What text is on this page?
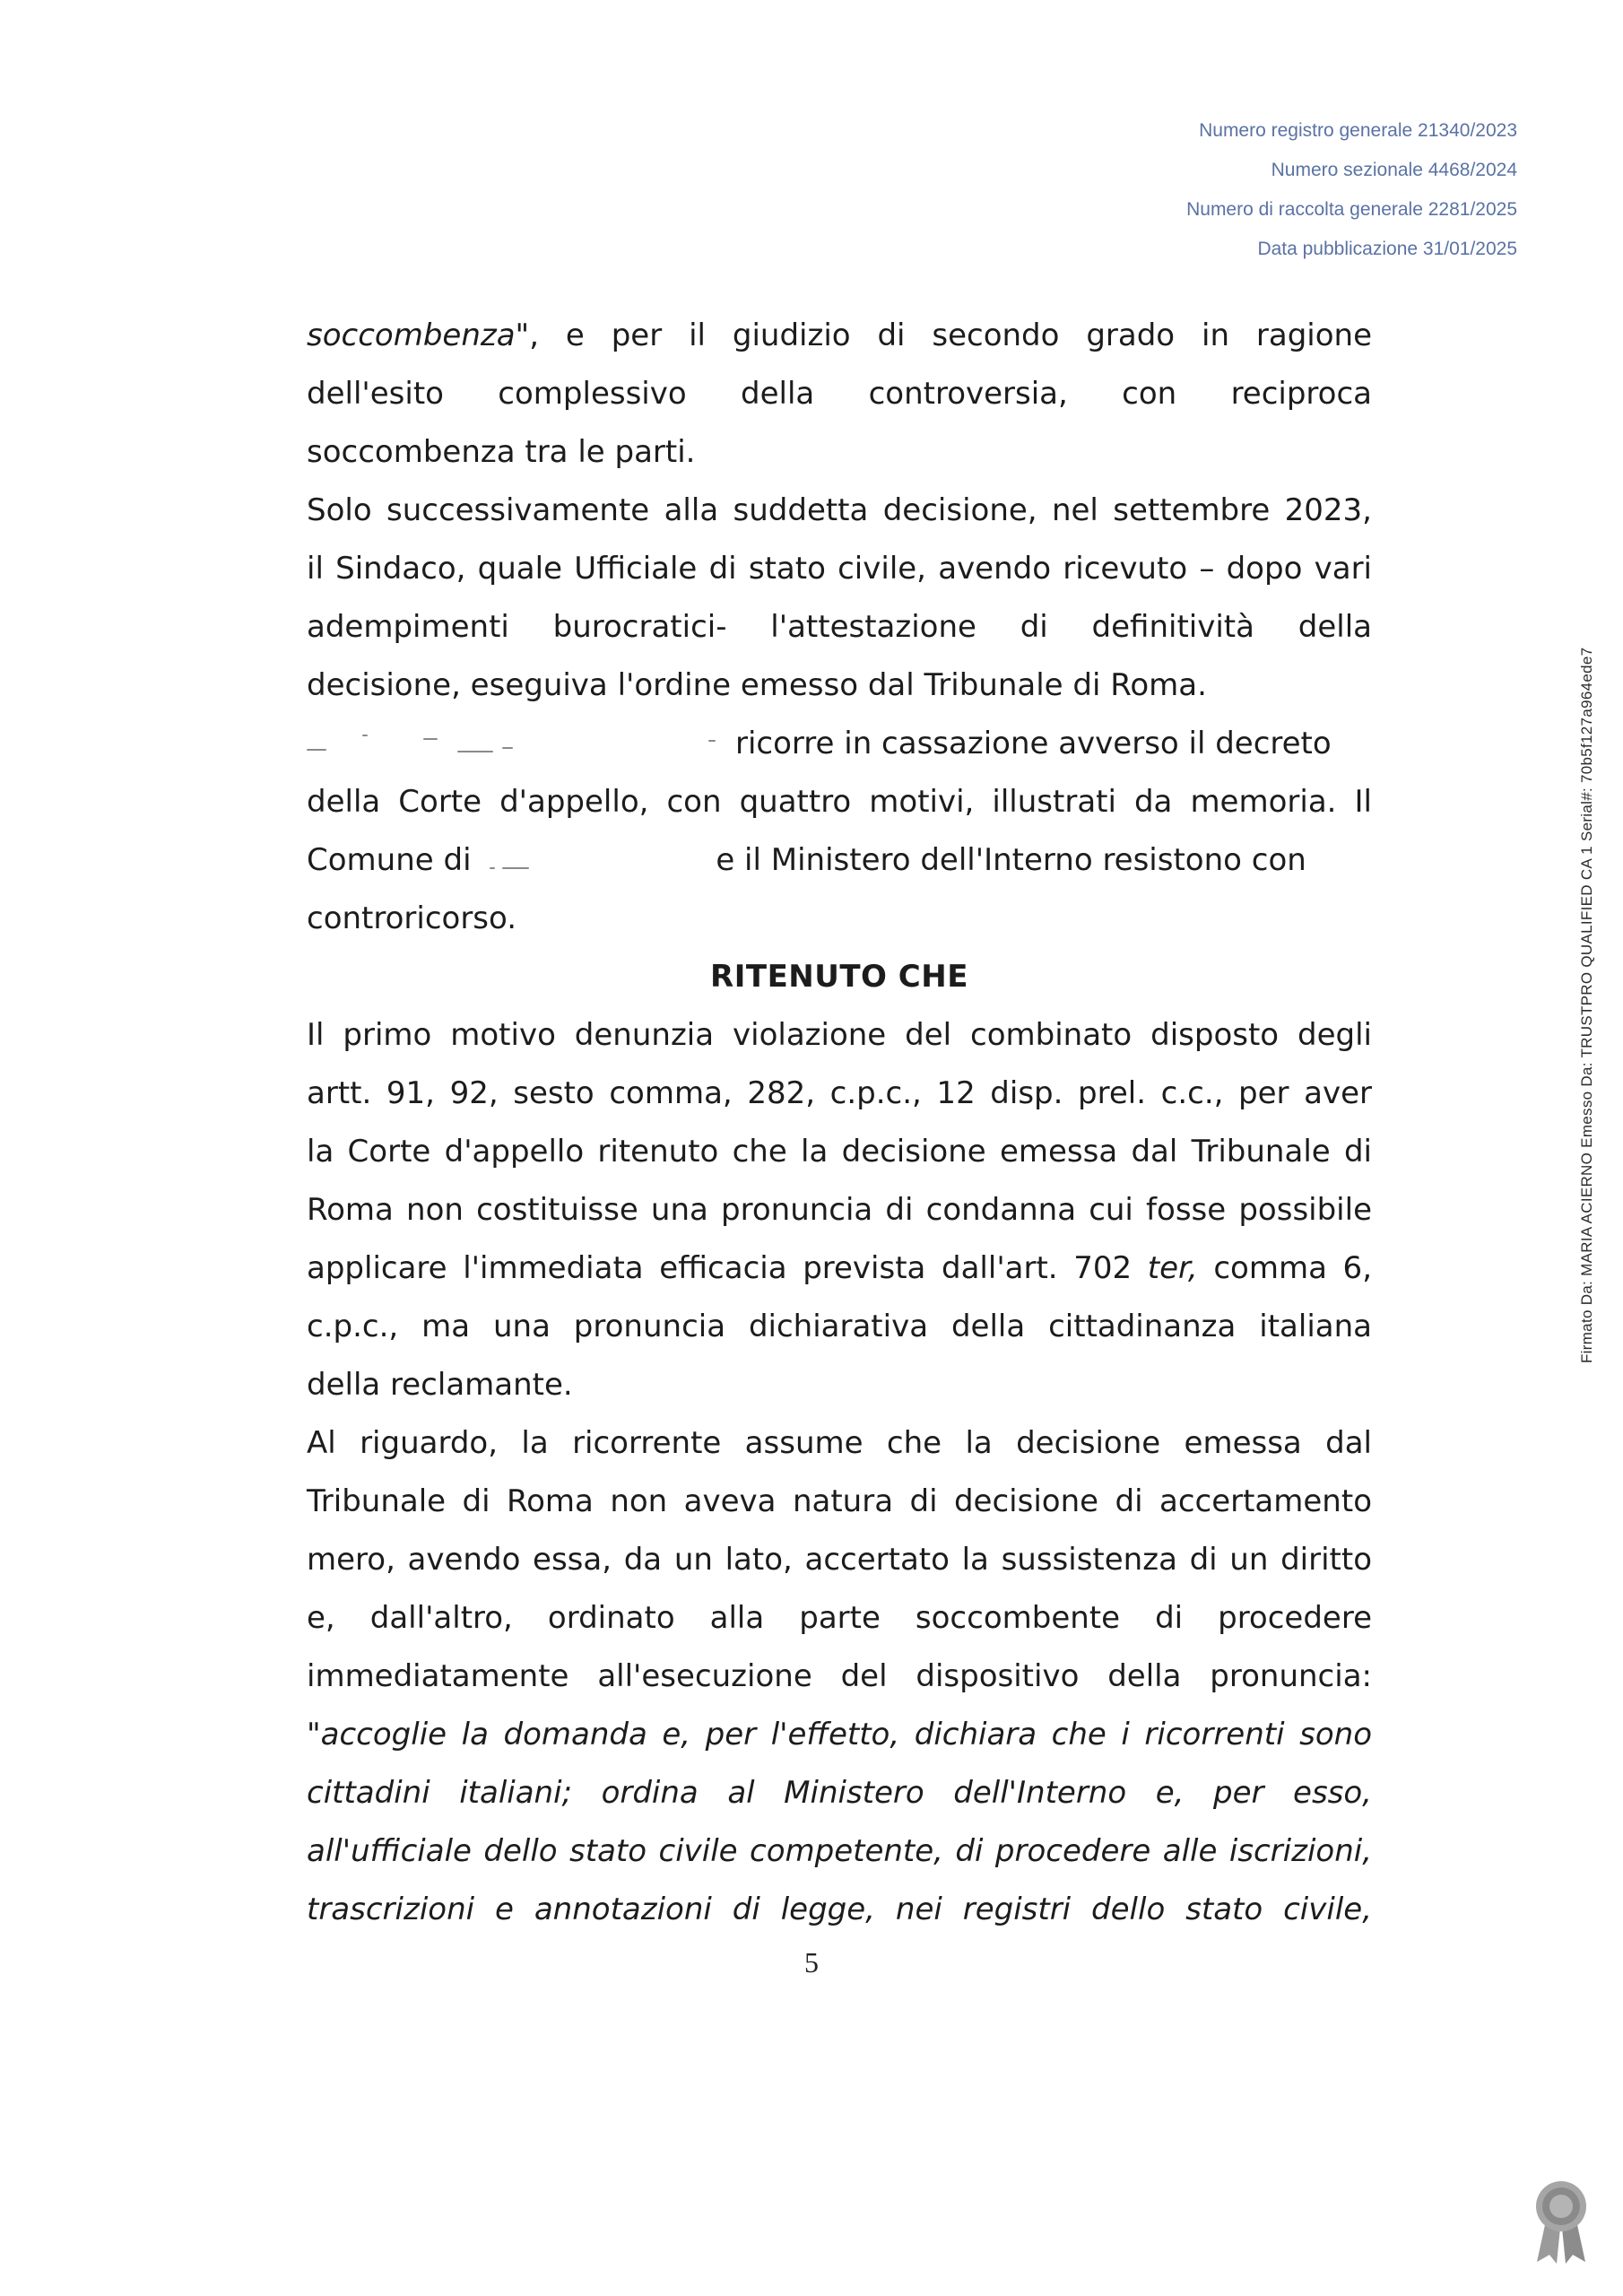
Numero registro generale 21340/2023
Numero sezionale 4468/2024
Numero di raccolta generale 2281/2025
Data pubblicazione 31/01/2025
soccombenza", e per il giudizio di secondo grado in ragione
dell'esito complessivo della controversia, con reciproca
soccombenza tra le parti.
Solo successivamente alla suddetta decisione, nel settembre 2023,
il Sindaco, quale Ufficiale di stato civile, avendo ricevuto – dopo vari
adempimenti burocratici- l'attestazione di definitività della
decisione, eseguiva l'ordine emesso dal Tribunale di Roma.
ricorre in cassazione avverso il decreto
della Corte d'appello, con quattro motivi, illustrati da memoria. Il
Comune di	e il Ministero dell'Interno resistono con
controricorso.
RITENUTO CHE
Il primo motivo denunzia violazione del combinato disposto degli
artt. 91, 92, sesto comma, 282, c.p.c., 12 disp. prel. c.c., per aver
la Corte d'appello ritenuto che la decisione emessa dal Tribunale di
Roma non costituisse una pronuncia di condanna cui fosse possibile
applicare l'immediata efficacia prevista dall'art. 702 ter, comma 6,
c.p.c., ma una pronuncia dichiarativa della cittadinanza italiana
della reclamante.
Al riguardo, la ricorrente assume che la decisione emessa dal
Tribunale di Roma non aveva natura di decisione di accertamento
mero, avendo essa, da un lato, accertato la sussistenza di un diritto
e, dall'altro, ordinato alla parte soccombente di procedere
immediatamente all'esecuzione del dispositivo della pronuncia:
"accoglie la domanda e, per l'effetto, dichiara che i ricorrenti sono
cittadini italiani; ordina al Ministero dell'Interno e, per esso,
all'ufficiale dello stato civile competente, di procedere alle iscrizioni,
trascrizioni e annotazioni di legge, nei registri dello stato civile,
5
Firmato Da: MARIA ACIERNO Emesso Da: TRUSTPRO QUALIFIED CA 1 Serial#: 70b5f127a964ede7
